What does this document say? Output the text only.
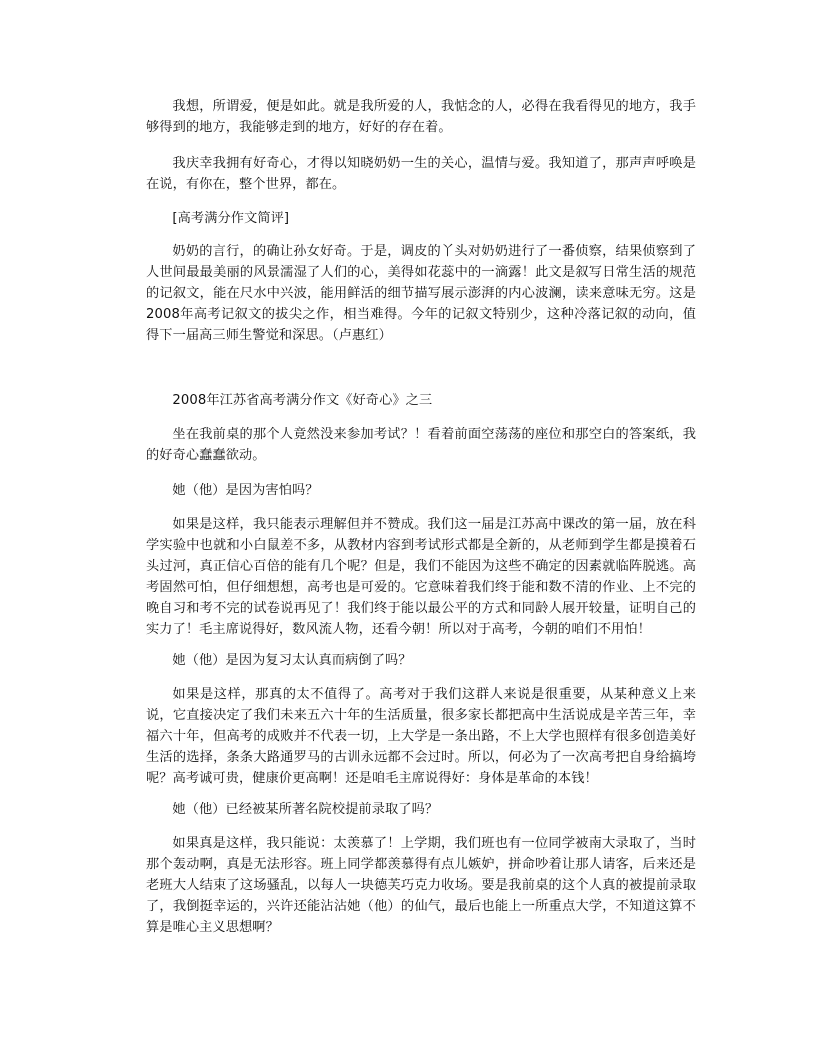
我想，所谓爱，便是如此。就是我所爱的人，我惦念的人，必得在我看得见的地方，我手够得到的地方，我能够走到的地方，好好的存在着。

我庆幸我拥有好奇心，才得以知晓奶奶一生的关心，温情与爱。我知道了，那声声呼唤是在说，有你在，整个世界，都在。

[高考满分作文简评]

奶奶的言行，的确让孙女好奇。于是，调皮的丫头对奶奶进行了一番侦察，结果侦察到了人世间最最美丽的风景濡湿了人们的心，美得如花蕊中的一滴露！此文是叙写日常生活的规范的记叙文，能在尺水中兴波，能用鲜活的细节描写展示澎湃的内心波澜，读来意味无穷。这是2008年高考记叙文的拔尖之作，相当难得。今年的记叙文特别少，这种冷落记叙的动向，值得下一届高三师生警觉和深思。（卢惠红）

2008年江苏省高考满分作文《好奇心》之三

坐在我前桌的那个人竟然没来参加考试？！看着前面空荡荡的座位和那空白的答案纸，我的好奇心蠢蠢欲动。

她（他）是因为害怕吗？

如果是这样，我只能表示理解但并不赞成。我们这一届是江苏高中课改的第一届，放在科学实验中也就和小白鼠差不多，从教材内容到考试形式都是全新的，从老师到学生都是摸着石头过河，真正信心百倍的能有几个呢？但是，我们不能因为这些不确定的因素就临阵脱逃。高考固然可怕，但仔细想想，高考也是可爱的。它意味着我们终于能和数不清的作业、上不完的晚自习和考不完的试卷说再见了！我们终于能以最公平的方式和同龄人展开较量，证明自己的实力了！毛主席说得好，数风流人物，还看今朝！所以对于高考，今朝的咱们不用怕！

她（他）是因为复习太认真而病倒了吗？

如果是这样，那真的太不值得了。高考对于我们这群人来说是很重要，从某种意义上来说，它直接决定了我们未来五六十年的生活质量，很多家长都把高中生活说成是辛苦三年，幸福六十年，但高考的成败并不代表一切，上大学是一条出路，不上大学也照样有很多创造美好生活的选择，条条大路通罗马的古训永远都不会过时。所以，何必为了一次高考把自身给搞垮呢？高考诚可贵，健康价更高啊！还是咱毛主席说得好：身体是革命的本钱！

她（他）已经被某所著名院校提前录取了吗？

如果真是这样，我只能说：太羡慕了！上学期，我们班也有一位同学被南大录取了，当时那个轰动啊，真是无法形容。班上同学都羡慕得有点儿嫉妒，拼命吵着让那人请客，后来还是老班大人结束了这场骚乱，以每人一块德芙巧克力收场。要是我前桌的这个人真的被提前录取了，我倒挺幸运的，兴许还能沾沾她（他）的仙气，最后也能上一所重点大学，不知道这算不算是唯心主义思想啊？
